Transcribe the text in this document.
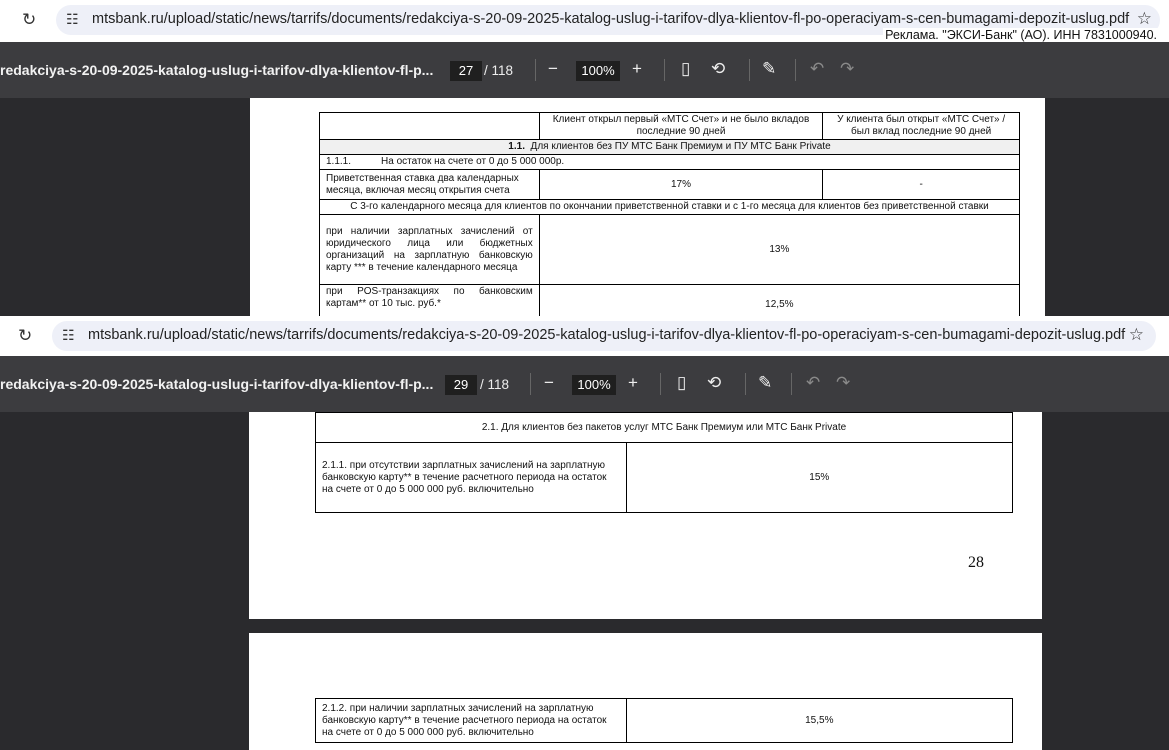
↻ ☷ mtsbank.ru/upload/static/news/tarrifs/documents/redakciya-s-20-09-2025-katalog-uslug-i-tarifov-dlya-klientov-fl-po-operaciyam-s-cen-bumagami-depozit-uslug.pdf ☆
Реклама. "ЭКСИ-Банк" (АО). ИНН 7831000940.
redakciya-s-20-09-2025-katalog-uslug-i-tarifov-dlya-klientov-fl-p...	27 / 118 −	100%	+ ▯ ⟲ ✎ ↶ ↷
	Клиент открыл первый «МТС Счет» и не было вкладов последние 90 дней	У клиента был открыт «МТС Счет» /был вклад последние 90 дней
1.1. Для клиентов без ПУ МТС Банк Премиум и ПУ МТС Банк Private		
1.1.1. На остаток на счете от 0 до 5 000 000р.		
Приветственная ставка два календарных месяца, включая месяц открытия счета	17%	-
С 3-го календарного месяца для клиентов по окончании приветственной ставки и с 1-го месяца для клиентов без приветственной ставки		
при наличии зарплатных зачислений от юридического лица или бюджетных организаций на зарплатную банковскую карту *** в течение календарного месяца	13%	
при POS-транзакциях по банковским картам** от 10 тыс. руб.*	12,5%	
↻ ☷ mtsbank.ru/upload/static/news/tarrifs/documents/redakciya-s-20-09-2025-katalog-uslug-i-tarifov-dlya-klientov-fl-po-operaciyam-s-cen-bumagami-depozit-uslug.pdf ☆
redakciya-s-20-09-2025-katalog-uslug-i-tarifov-dlya-klientov-fl-p...	29 / 118 −	100%	+ ▯ ⟲ ✎ ↶ ↷
2.1. Для клиентов без пакетов услуг МТС Банк Премиум или МТС Банк Private
2.1.1. при отсутствии зарплатных зачислений на зарплатную банковскую карту** в течение расчетного периода на остаток на счете от 0 до 5 000 000 руб. включительно	15%
28
2.1.2. при наличии зарплатных зачислений на зарплатную банковскую карту** в течение расчетного периода на остаток на счете от 0 до 5 000 000 руб. включительно	15,5%
